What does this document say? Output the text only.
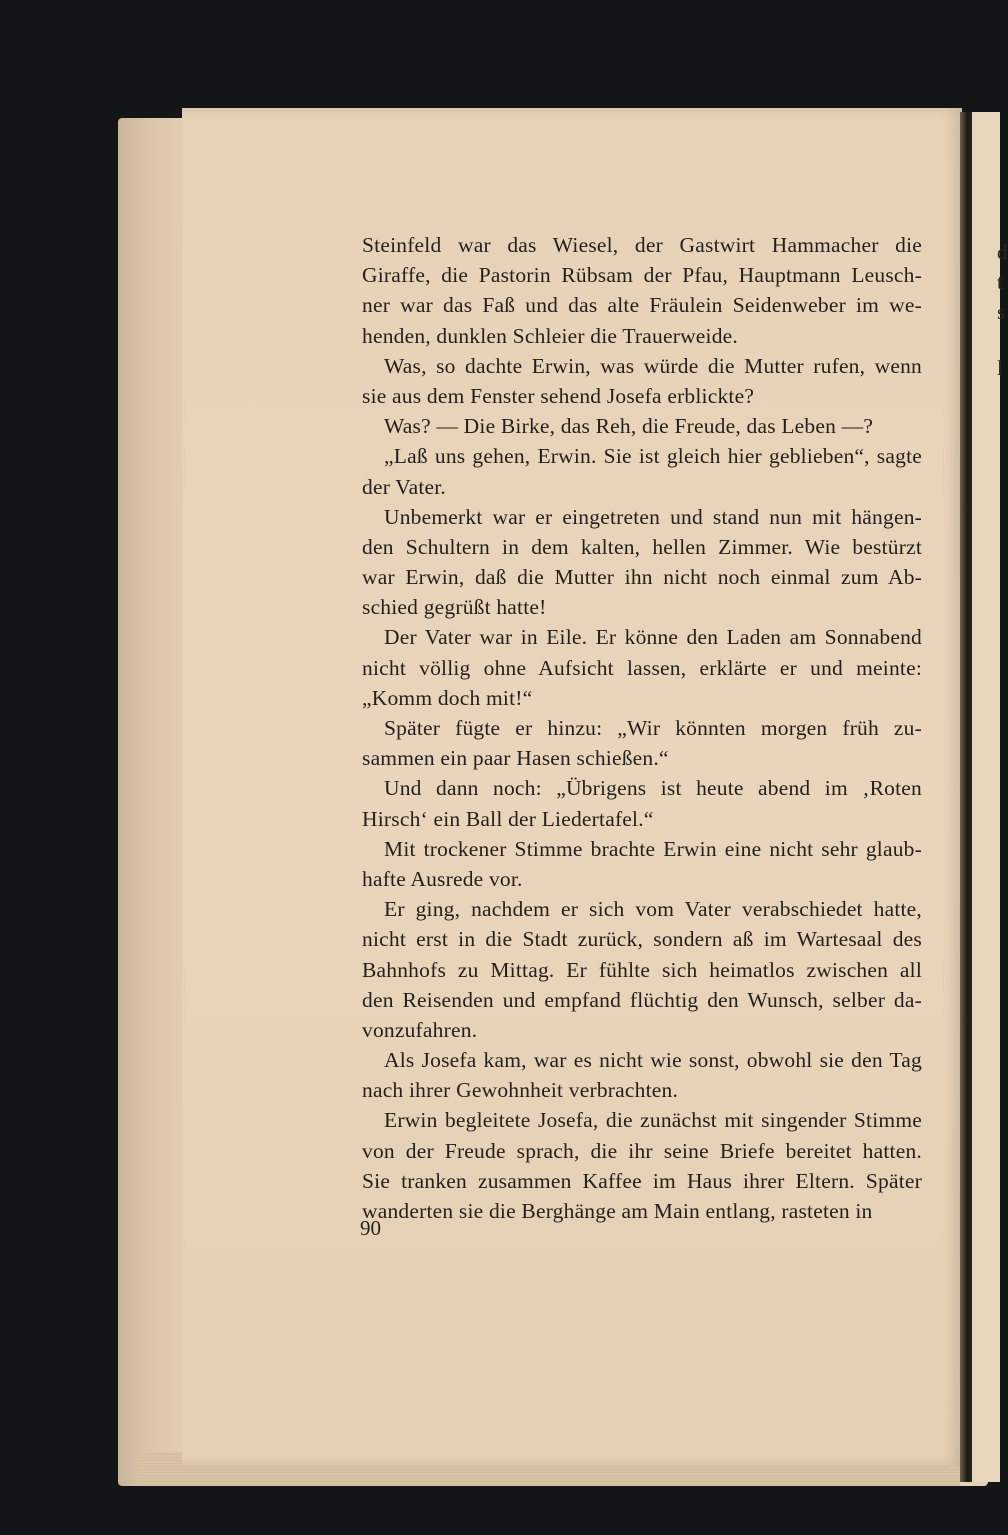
d
t
s
l
Steinfeld war das Wiesel, der Gastwirt Hammacher die
Giraffe, die Pastorin Rübsam der Pfau, Hauptmann Leusch-
ner war das Faß und das alte Fräulein Seidenweber im we-
henden, dunklen Schleier die Trauerweide.
Was, so dachte Erwin, was würde die Mutter rufen, wenn
sie aus dem Fenster sehend Josefa erblickte?
Was? — Die Birke, das Reh, die Freude, das Leben —?
„Laß uns gehen, Erwin. Sie ist gleich hier geblieben“, sagte
der Vater.
Unbemerkt war er eingetreten und stand nun mit hängen-
den Schultern in dem kalten, hellen Zimmer. Wie bestürzt
war Erwin, daß die Mutter ihn nicht noch einmal zum Ab-
schied gegrüßt hatte!
Der Vater war in Eile. Er könne den Laden am Sonnabend
nicht völlig ohne Aufsicht lassen, erklärte er und meinte:
„Komm doch mit!“
Später fügte er hinzu: „Wir könnten morgen früh zu-
sammen ein paar Hasen schießen.“
Und dann noch: „Übrigens ist heute abend im ‚Roten
Hirsch‘ ein Ball der Liedertafel.“
Mit trockener Stimme brachte Erwin eine nicht sehr glaub-
hafte Ausrede vor.
Er ging, nachdem er sich vom Vater verabschiedet hatte,
nicht erst in die Stadt zurück, sondern aß im Wartesaal des
Bahnhofs zu Mittag. Er fühlte sich heimatlos zwischen all
den Reisenden und empfand flüchtig den Wunsch, selber da-
vonzufahren.
Als Josefa kam, war es nicht wie sonst, obwohl sie den Tag
nach ihrer Gewohnheit verbrachten.
Erwin begleitete Josefa, die zunächst mit singender Stimme
von der Freude sprach, die ihr seine Briefe bereitet hatten.
Sie tranken zusammen Kaffee im Haus ihrer Eltern. Später
wanderten sie die Berghänge am Main entlang, rasteten in
90
